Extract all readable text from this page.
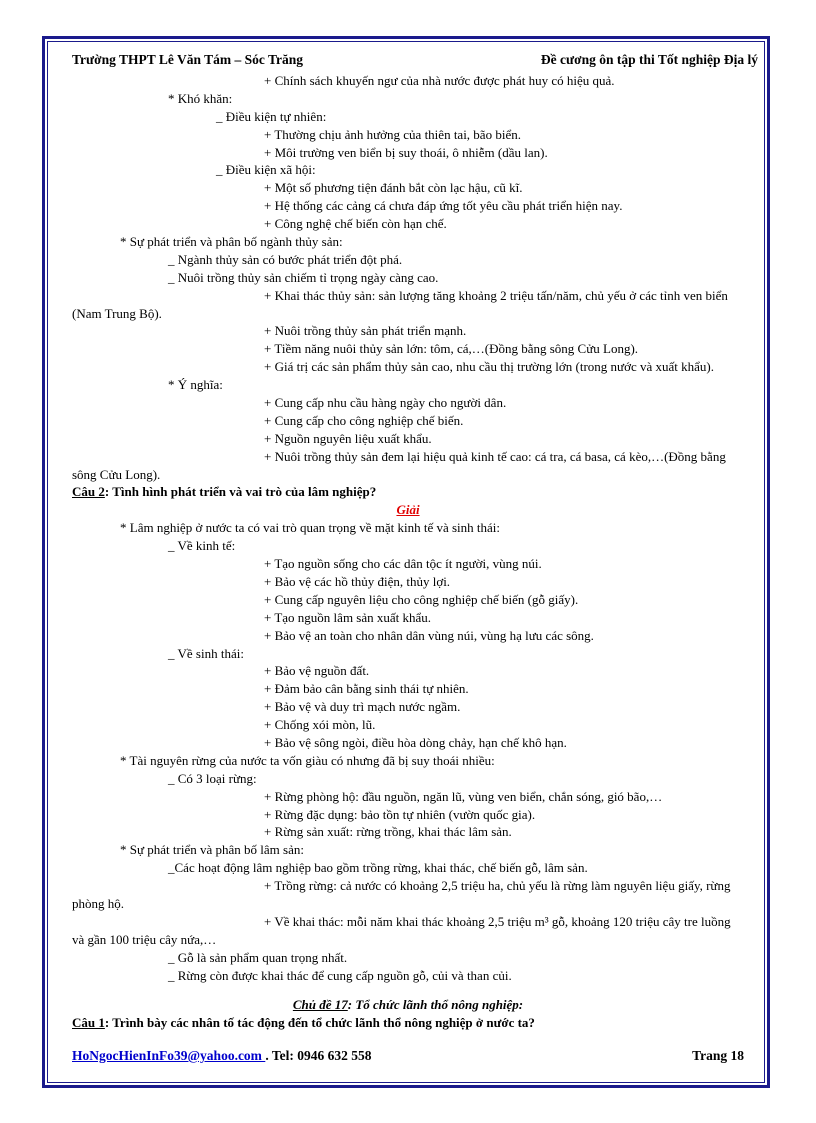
Trường THPT Lê Văn Tám – Sóc Trăng	Đề cương ôn tập thi Tốt nghiệp Địa lý
+ Chính sách khuyến ngư của nhà nước được phát huy có hiệu quả.
* Khó khăn:
_ Điều kiện tự nhiên:
+ Thường chịu ảnh hưởng của thiên tai, bão biển.
+ Môi trường ven biển bị suy thoái, ô nhiễm (dầu lan).
_ Điều kiện xã hội:
+ Một số phương tiện đánh bắt còn lạc hậu, cũ kĩ.
+ Hệ thống các cảng cá chưa đáp ứng tốt yêu cầu phát triển hiện nay.
+ Công nghệ chế biến còn hạn chế.
* Sự phát triển và phân bố ngành thủy sản:
_ Ngành thủy sản có bước phát triển đột phá.
_ Nuôi trồng thủy sản chiếm tỉ trọng ngày càng cao.
+ Khai thác thủy sản: sản lượng tăng khoảng 2 triệu tấn/năm, chủ yếu ở các tỉnh ven biển
(Nam Trung Bộ).
+ Nuôi trồng thủy sản phát triển mạnh.
+ Tiềm năng nuôi thủy sản lớn: tôm, cá,…(Đồng bằng sông Cửu Long).
+ Giá trị các sản phẩm thủy sản cao, nhu cầu thị trường lớn (trong nước và xuất khẩu).
* Ý nghĩa:
+ Cung cấp nhu cầu hàng ngày cho người dân.
+ Cung cấp cho công nghiệp chế biến.
+ Nguồn nguyên liệu xuất khẩu.
+ Nuôi trồng thủy sản đem lại hiệu quả kinh tế cao: cá tra, cá basa, cá kèo,…(Đồng bằng
sông Cửu Long).
Câu 2: Tình hình phát triển và vai trò của lâm nghiệp?
Giải
* Lâm nghiệp ở nước ta có vai trò quan trọng về mặt kinh tế và sinh thái:
_ Về kinh tế:
+ Tạo nguồn sống cho các dân tộc ít người, vùng núi.
+ Bảo vệ các hồ thủy điện, thủy lợi.
+ Cung cấp nguyên liệu cho công nghiệp chế biến (gỗ giấy).
+ Tạo nguồn lâm sản xuất khẩu.
+ Bảo vệ an toàn cho nhân dân vùng núi, vùng hạ lưu các sông.
_ Về sinh thái:
+ Bảo vệ nguồn đất.
+ Đảm bảo cân bằng sinh thái tự nhiên.
+ Bảo vệ và duy trì mạch nước ngầm.
+ Chống xói mòn, lũ.
+ Bảo vệ sông ngòi, điều hòa dòng chảy, hạn chế khô hạn.
* Tài nguyên rừng của nước ta vốn giàu có nhưng đã bị suy thoái nhiều:
_ Có 3 loại rừng:
+ Rừng phòng hộ: đầu nguồn, ngăn lũ, vùng ven biển, chắn sóng, gió bão,…
+ Rừng đặc dụng: bảo tồn tự nhiên (vườn quốc gia).
+ Rừng sản xuất: rừng trồng, khai thác lâm sản.
* Sự phát triển và phân bố lâm sản:
_Các hoạt động lâm nghiệp bao gồm trồng rừng, khai thác, chế biến gỗ, lâm sản.
+ Trồng rừng: cả nước có khoảng 2,5 triệu ha, chủ yếu là rừng làm nguyên liệu giấy, rừng
phòng hộ.
+ Về khai thác: mỗi năm khai thác khoảng 2,5 triệu m³ gỗ, khoảng 120 triệu cây tre luồng
và gần 100 triệu cây nứa,…
_ Gỗ là sản phẩm quan trọng nhất.
_ Rừng còn được khai thác để cung cấp nguồn gỗ, củi và than củi.
Chủ đề 17: Tổ chức lãnh thổ nông nghiệp:
Câu 1: Trình bày các nhân tố tác động đến tổ chức lãnh thổ nông nghiệp ở nước ta?
HoNgocHienInFo39@yahoo.com . Tel: 0946 632 558	Trang 18
